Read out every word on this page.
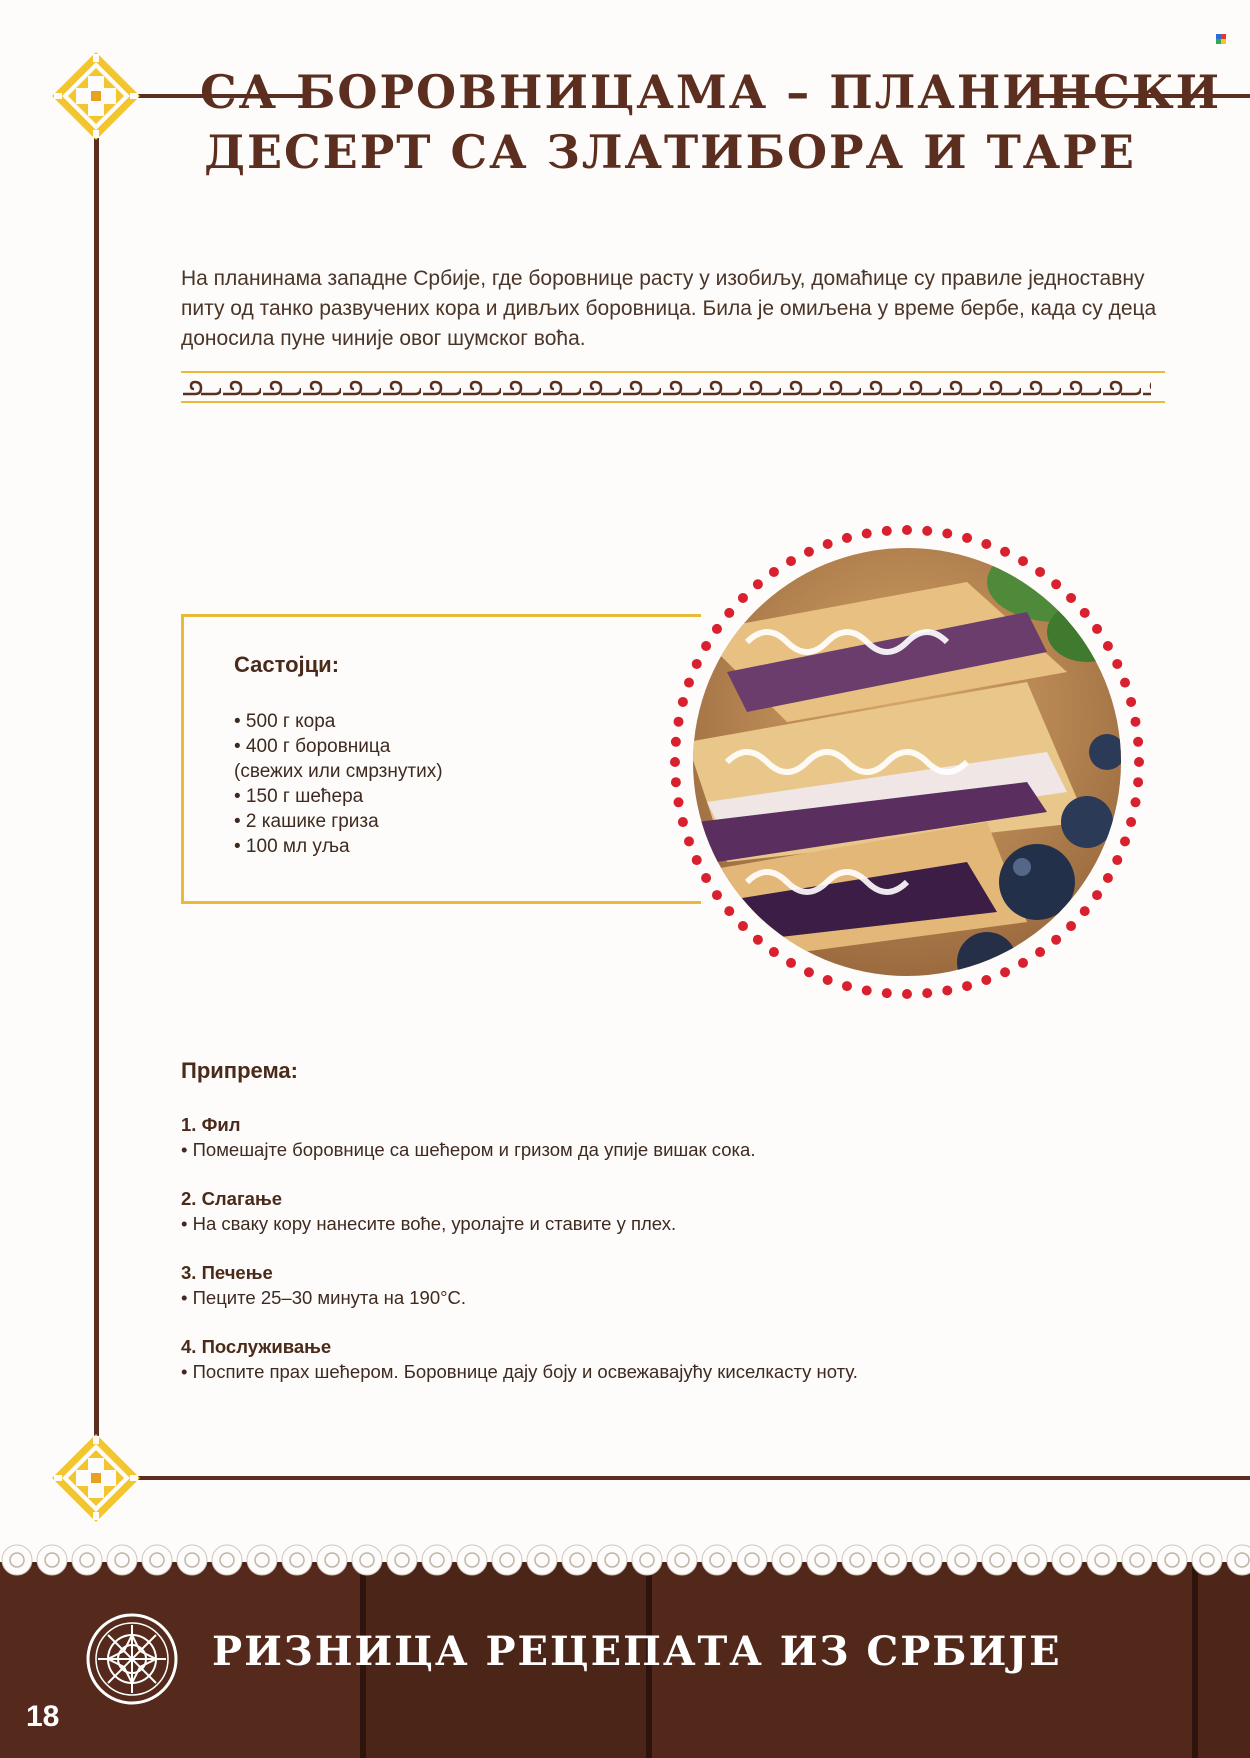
СА БОРОВНИЦАМА – ПЛАНИНСКИ
ДЕСЕРТ СА ЗЛАТИБОРА И ТАРЕ
На планинама западне Србије, где боровнице расту у изобиљу, домаћице су правиле једноставну питу од танко развучених кора и дивљих боровница. Била је омиљена у време бербе, када су деца доносила пуне чиније овог шумског воћа.
Састојци:
• 500 г кора
• 400 г боровница
(свежих или смрзнутих)
• 150 г шећера
• 2 кашике гриза
• 100 мл уља
Припрема:
1. Фил
• Помешајте боровнице са шећером и гризом да упије вишак сока.
2. Слагање
• На сваку кору нанесите воће, уролајте и ставите у плех.
3. Печење
• Пеците 25–30 минута на 190°C.
4. Послуживање
• Поспите прах шећером. Боровнице дају боју и освежавајућу киселкасту ноту.
РИЗНИЦА РЕЦЕПАТА ИЗ СРБИЈЕ
18
